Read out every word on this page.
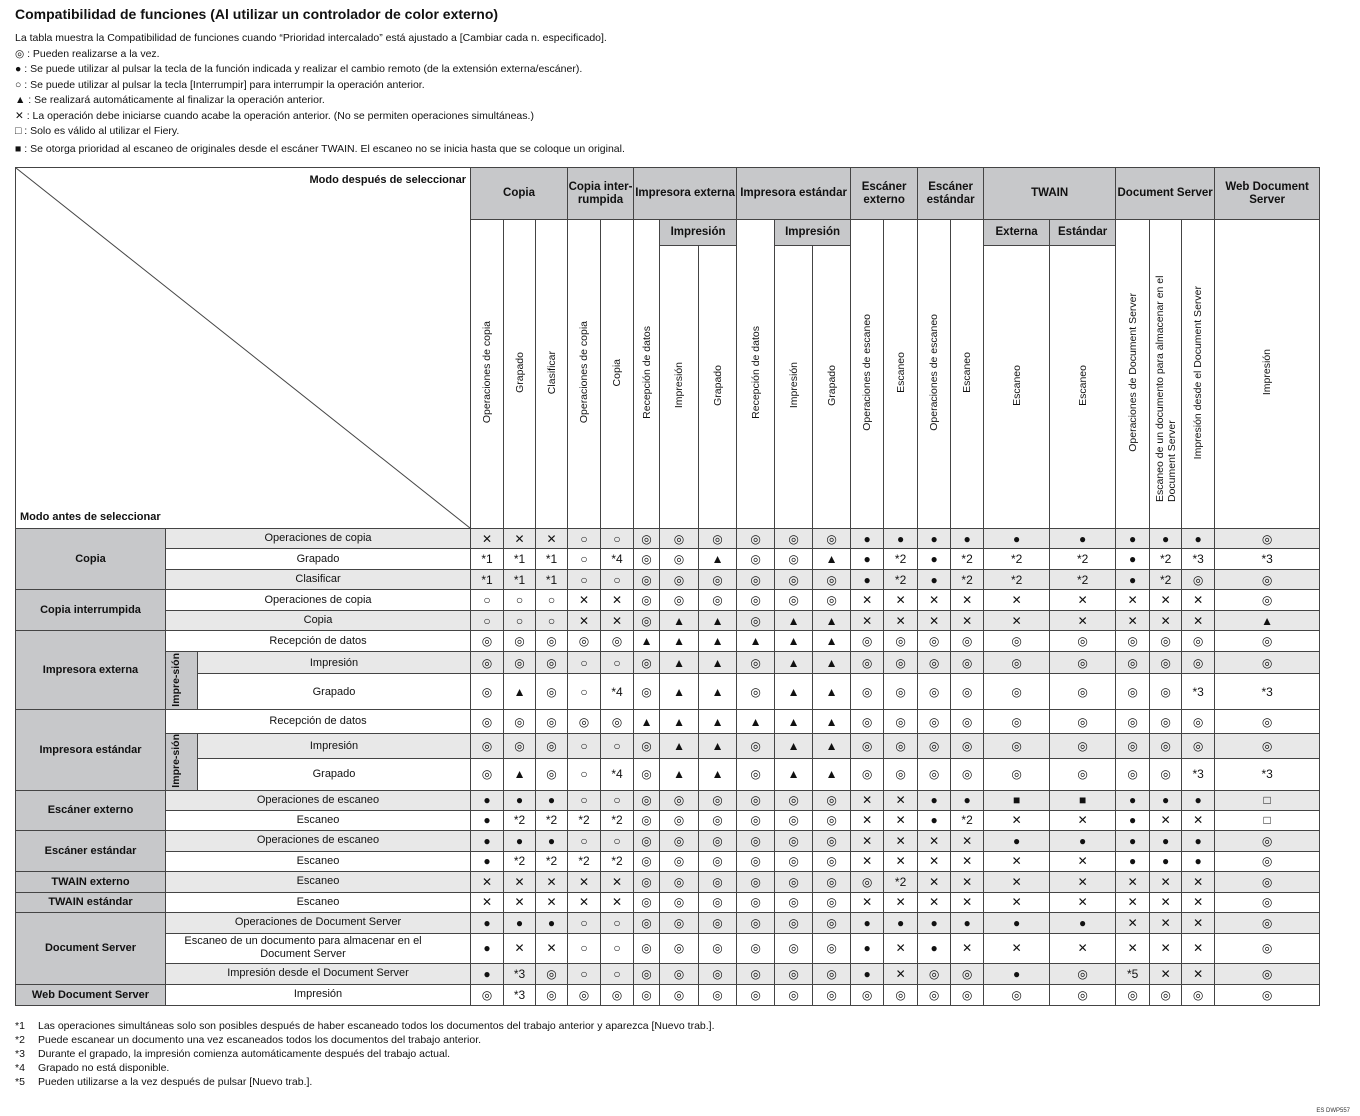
Compatibilidad de funciones (Al utilizar un controlador de color externo)
La tabla muestra la Compatibilidad de funciones cuando “Prioridad intercalado” está ajustado a [Cambiar cada n. especificado].
◎ : Pueden realizarse a la vez.
● : Se puede utilizar al pulsar la tecla de la función indicada y realizar el cambio remoto (de la extensión externa/escáner).
○ : Se puede utilizar al pulsar la tecla [Interrumpir] para interrumpir la operación anterior.
▲ : Se realizará automáticamente al finalizar la operación anterior.
✕ : La operación debe iniciarse cuando acabe la operación anterior. (No se permiten operaciones simultáneas.)
□ : Solo es válido al utilizar el Fiery.
■ : Se otorga prioridad al escaneo de originales desde el escáner TWAIN. El escaneo no se inicia hasta que se coloque un original.
Modo después de seleccionar
Modo antes de seleccionar			Copia			Copia inter-rumpida		Impresora externa			Impresora estándar			Escáner externo		Escáner estándar		TWAIN		Document Server			Web Document Server
			Operaciones de copia	Grapado	Clasificar	Operaciones de copia	Copia	Recepción de datos	Impresión		Recepción de datos	Impresión		Operaciones de escaneo	Escaneo	Operaciones de escaneo	Escaneo	Externa	Estándar	Operaciones de Document Server	Escaneo de un documento para almacenar en el Document Server	Impresión desde el Document Server	Impresión
									Impresión	Grapado		Impresión	Grapado					Escaneo	Escaneo				
Copia	Operaciones de copia		✕	✕	✕	○	○	◎	◎	◎	◎	◎	◎	●	●	●	●	●	●	●	●	●	◎
	Grapado		*1	*1	*1	○	*4	◎	◎	▲	◎	◎	▲	●	*2	●	*2	*2	*2	●	*2	*3	*3
	Clasificar		*1	*1	*1	○	○	◎	◎	◎	◎	◎	◎	●	*2	●	*2	*2	*2	●	*2	◎	◎
Copia interrumpida	Operaciones de copia		○	○	○	✕	✕	◎	◎	◎	◎	◎	◎	✕	✕	✕	✕	✕	✕	✕	✕	✕	◎
	Copia		○	○	○	✕	✕	◎	▲	▲	◎	▲	▲	✕	✕	✕	✕	✕	✕	✕	✕	✕	▲
Impresora externa	Recepción de datos		◎	◎	◎	◎	◎	▲	▲	▲	▲	▲	▲	◎	◎	◎	◎	◎	◎	◎	◎	◎	◎
	Impre-sión	Impresión	◎	◎	◎	○	○	◎	▲	▲	◎	▲	▲	◎	◎	◎	◎	◎	◎	◎	◎	◎	◎
		Grapado	◎	▲	◎	○	*4	◎	▲	▲	◎	▲	▲	◎	◎	◎	◎	◎	◎	◎	◎	*3	*3
Impresora estándar	Recepción de datos		◎	◎	◎	◎	◎	▲	▲	▲	▲	▲	▲	◎	◎	◎	◎	◎	◎	◎	◎	◎	◎
	Impre-sión	Impresión	◎	◎	◎	○	○	◎	▲	▲	◎	▲	▲	◎	◎	◎	◎	◎	◎	◎	◎	◎	◎
		Grapado	◎	▲	◎	○	*4	◎	▲	▲	◎	▲	▲	◎	◎	◎	◎	◎	◎	◎	◎	*3	*3
Escáner externo	Operaciones de escaneo		●	●	●	○	○	◎	◎	◎	◎	◎	◎	✕	✕	●	●	■	■	●	●	●	□
	Escaneo		●	*2	*2	*2	*2	◎	◎	◎	◎	◎	◎	✕	✕	●	*2	✕	✕	●	✕	✕	□
Escáner estándar	Operaciones de escaneo		●	●	●	○	○	◎	◎	◎	◎	◎	◎	✕	✕	✕	✕	●	●	●	●	●	◎
	Escaneo		●	*2	*2	*2	*2	◎	◎	◎	◎	◎	◎	✕	✕	✕	✕	✕	✕	●	●	●	◎
TWAIN externo	Escaneo		✕	✕	✕	✕	✕	◎	◎	◎	◎	◎	◎	◎	*2	✕	✕	✕	✕	✕	✕	✕	◎
TWAIN estándar	Escaneo		✕	✕	✕	✕	✕	◎	◎	◎	◎	◎	◎	✕	✕	✕	✕	✕	✕	✕	✕	✕	◎
Document Server	Operaciones de Document Server		●	●	●	○	○	◎	◎	◎	◎	◎	◎	●	●	●	●	●	●	✕	✕	✕	◎
	Escaneo de un documento para almacenar en el Document Server		●	✕	✕	○	○	◎	◎	◎	◎	◎	◎	●	✕	●	✕	✕	✕	✕	✕	✕	◎
	Impresión desde el Document Server		●	*3	◎	○	○	◎	◎	◎	◎	◎	◎	●	✕	◎	◎	●	◎	*5	✕	✕	◎
Web Document Server	Impresión		◎	*3	◎	◎	◎	◎	◎	◎	◎	◎	◎	◎	◎	◎	◎	◎	◎	◎	◎	◎	◎
*1 Las operaciones simultáneas solo son posibles después de haber escaneado todos los documentos del trabajo anterior y aparezca [Nuevo trab.].
*2 Puede escanear un documento una vez escaneados todos los documentos del trabajo anterior.
*3 Durante el grapado, la impresión comienza automáticamente después del trabajo actual.
*4 Grapado no está disponible.
*5 Pueden utilizarse a la vez después de pulsar [Nuevo trab.].
ES DWP557
